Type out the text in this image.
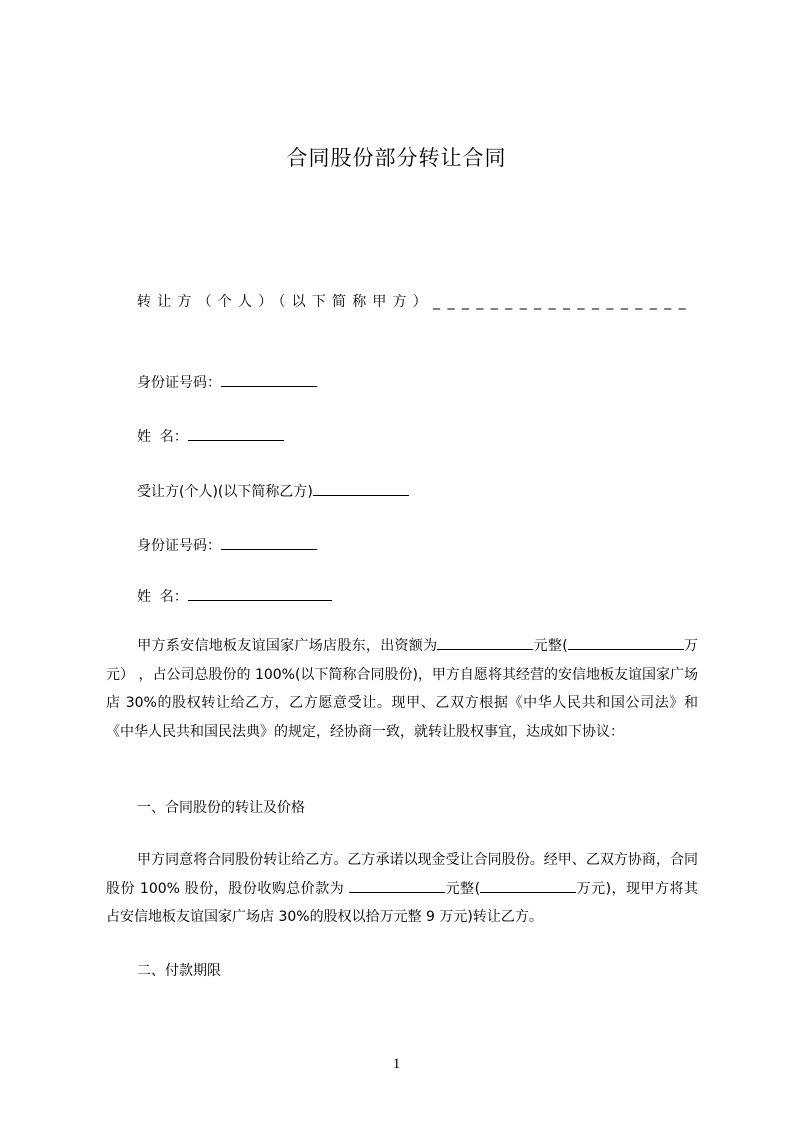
合同股份部分转让合同
转让方（个人）（以下简称甲方）_ _ _ _ _ _ _ _ _ _ _ _ _ _ _ _ _ _
身份证号码：
姓  名：
受让方(个人)(以下简称乙方)
身份证号码：
姓  名：
甲方系安信地板友谊国家广场店股东，出资额为	元整(	万元） ，占公司总股份的 100%(以下简称合同股份)，甲方自愿将其经营的安信地板友谊国家广场店 30%的股权转让给乙方，乙方愿意受让。现甲、乙双方根据《中华人民共和国公司法》和《中华人民共和国民法典》的规定，经协商一致，就转让股权事宜，达成如下协议：
一、合同股份的转让及价格
甲方同意将合同股份转让给乙方。乙方承诺以现金受让合同股份。经甲、乙双方协商，合同股份 100% 股份，股份收购总价款为	元整(	万元)，现甲方将其占安信地板友谊国家广场店 30%的股权以拾万元整 9 万元)转让乙方。
二、付款期限
1
